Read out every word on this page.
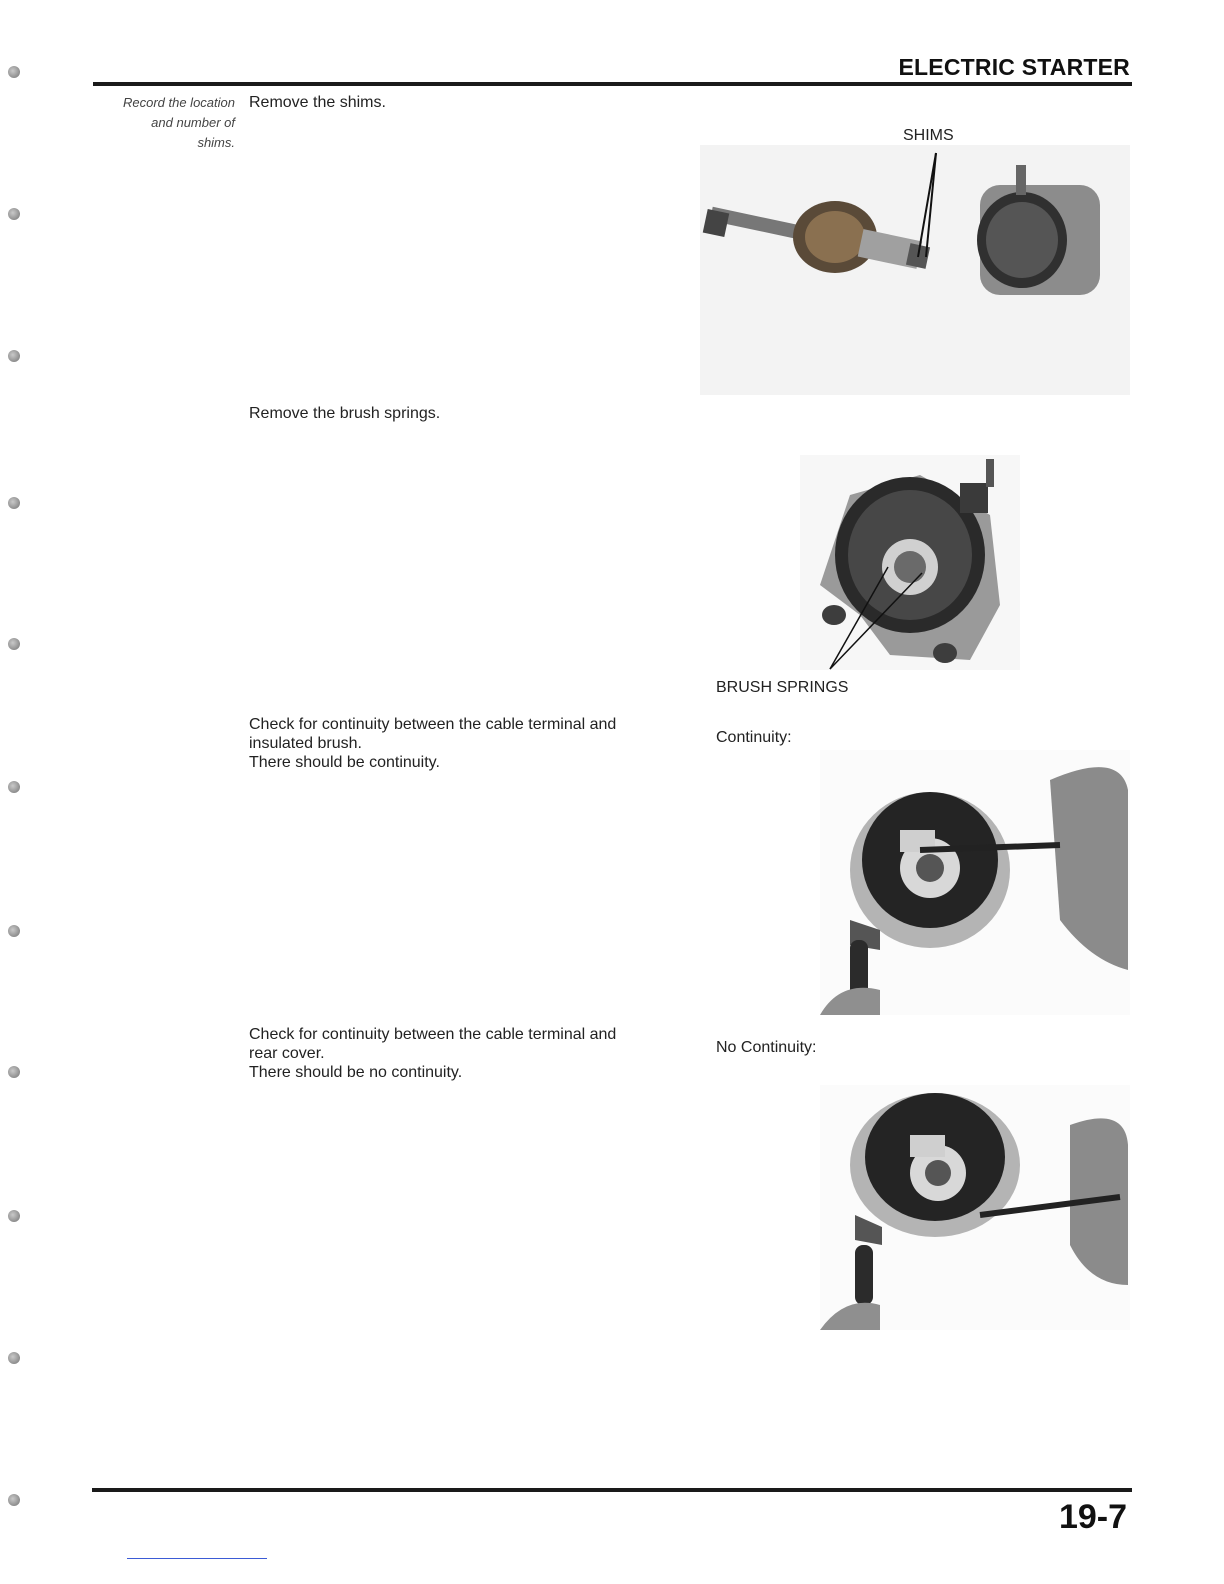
ELECTRIC STARTER
Record the location
and number of
shims.
Remove the shims.
SHIMS
Remove the brush springs.
BRUSH SPRINGS
Check for continuity between the cable terminal and
insulated brush.
There should be continuity.
Continuity:
Check for continuity between the cable terminal and
rear cover.
There should be no continuity.
No Continuity:
19-7
